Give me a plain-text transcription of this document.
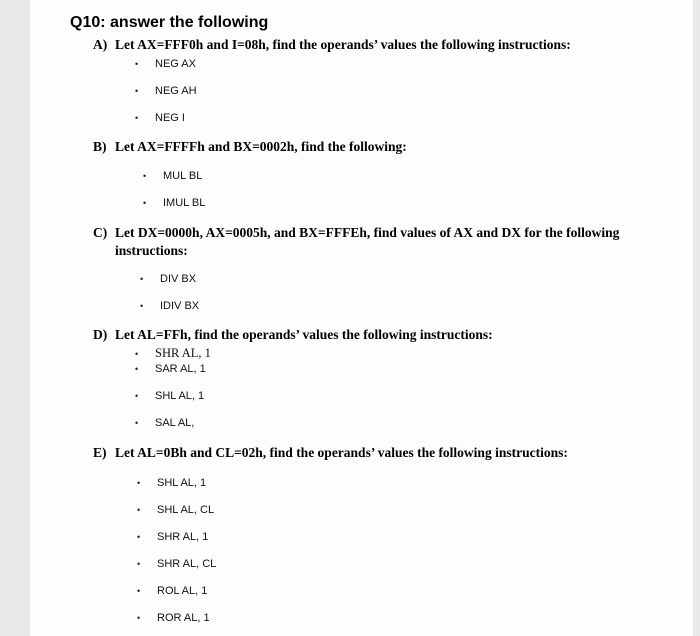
Q10: answer the following
A) Let AX=FFF0h and I=08h, find the operands’ values the following instructions:
•	NEG AX
•	NEG AH
•	NEG I
B) Let AX=FFFFh and BX=0002h, find the following:
•	MUL BL
•	IMUL BL
C) Let DX=0000h, AX=0005h, and BX=FFFEh, find values of AX and DX for the following instructions:
•	DIV BX
•	IDIV BX
D) Let AL=FFh, find the operands’ values the following instructions:
•	SHR AL, 1
•	SAR AL, 1
•	SHL AL, 1
•	SAL AL,
E) Let AL=0Bh and CL=02h, find the operands’ values the following instructions:
•	SHL AL, 1
•	SHL AL, CL
•	SHR AL, 1
•	SHR AL, CL
•	ROL AL, 1
•	ROR AL, 1
